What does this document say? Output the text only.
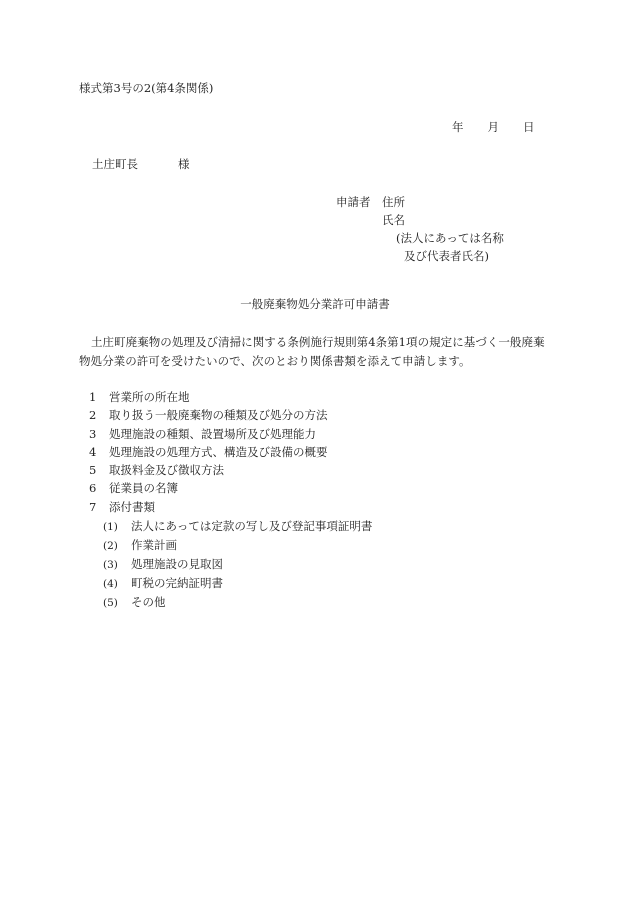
様式第3号の2(第4条関係)
年 月 日
土庄町長	様
申請者 住所
氏名
(法人にあっては名称
及び代表者氏名)
一般廃棄物処分業許可申請書
土庄町廃棄物の処理及び清掃に関する条例施行規則第4条第1項の規定に基づく一般廃棄物処分業の許可を受けたいので、次のとおり関係書類を添えて申請します。
1 営業所の所在地
2 取り扱う一般廃棄物の種類及び処分の方法
3 処理施設の種類、設置場所及び処理能力
4 処理施設の処理方式、構造及び設備の概要
5 取扱料金及び徴収方法
6 従業員の名簿
7 添付書類
(1) 法人にあっては定款の写し及び登記事項証明書
(2) 作業計画
(3) 処理施設の見取図
(4) 町税の完納証明書
(5) その他
